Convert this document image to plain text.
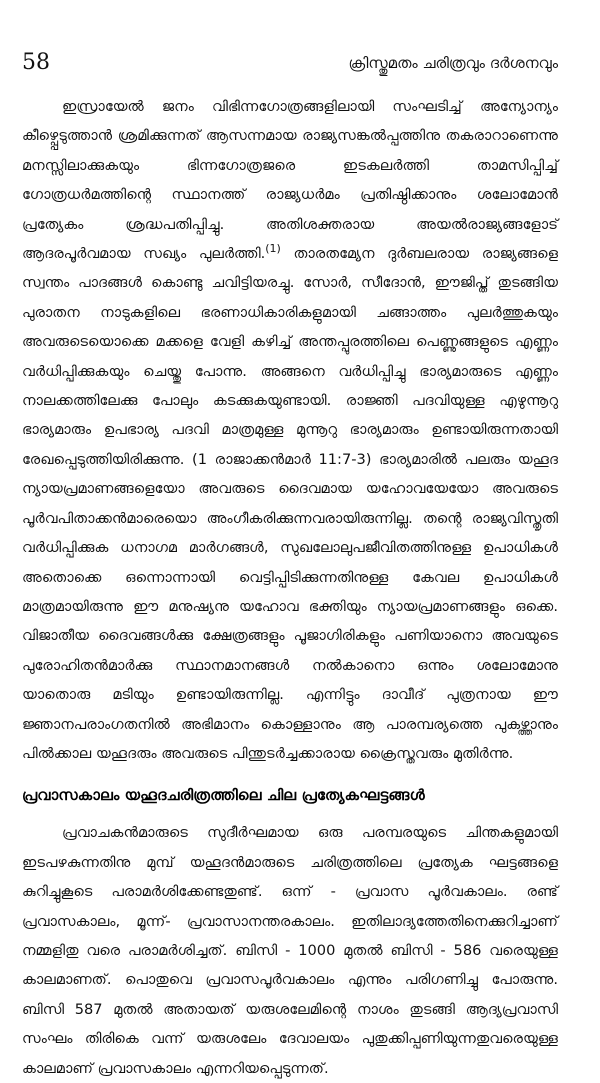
58	ക്രിസ്തുമതം ചരിത്രവും ദർശനവും

ഇസ്രായേൽ ജനം വിഭിന്നഗോത്രങ്ങളിലായി സംഘടിച്ച് അന്യോന്യം കീഴ്പ്പെടുത്താൻ ശ്രമിക്കുന്നത് ആസന്നമായ രാജ്യസങ്കൽപ്പത്തിനു തകരാറാണെന്നു മനസ്സിലാക്കുകയും ഭിന്നഗോത്രജരെ ഇടകലർത്തി താമസിപ്പിച്ച് ഗോത്രധർമത്തിന്റെ സ്ഥാനത്ത് രാജ്യധർമം പ്രതിഷ്ഠിക്കാനും ശലോമോൻ പ്രത്യേകം ശ്രദ്ധപതിപ്പിച്ചു. അതിശക്തരായ അയൽരാജ്യങ്ങളോട് ആദരപൂർവമായ സഖ്യം പുലർത്തി.$^{(1)}$ താരതമ്യേന ദുർബലരായ രാജ്യങ്ങളെ സ്വന്തം പാദങ്ങൾ കൊണ്ടു ചവിട്ടിയരച്ചു. സോർ, സീദോൻ, ഈജിപ്ത് തുടങ്ങിയ പുരാതന നാടുകളിലെ ഭരണാധികാരികളുമായി ചങ്ങാത്തം പുലർത്തുകയും അവരുടെയൊക്കെ മക്കളെ വേളി കഴിച്ച് അന്തപ്പുരത്തിലെ പെണ്ണുങ്ങളുടെ എണ്ണം വർധിപ്പിക്കുകയും ചെയ്തു പോന്നു. അങ്ങനെ വർധിപ്പിച്ചു ഭാര്യമാരുടെ എണ്ണം നാലക്കത്തിലേക്കു പോലും കടക്കുകയുണ്ടായി. രാജ്ഞി പദവിയുള്ള എഴുന്നൂറു ഭാര്യമാരും ഉപഭാര്യ പദവി മാത്രമുള്ള മുന്നൂറു ഭാര്യമാരും ഉണ്ടായിരുന്നതായി രേഖപ്പെടുത്തിയിരിക്കുന്നു. (1 രാജാക്കൻമാർ 11:7-3) ഭാര്യമാരിൽ പലരും യഹൂദ ന്യായപ്രമാണങ്ങളെയോ അവരുടെ ദൈവമായ യഹോവയേയോ അവരുടെ പൂർവപിതാക്കൻമാരെയൊ അംഗീകരിക്കുന്നവരായിരുന്നില്ല. തന്റെ രാജ്യവിസ്തൃതി വർധിപ്പിക്കുക ധനാഗമ മാർഗങ്ങൾ, സുഖലോലുപജീവിതത്തിനുള്ള ഉപാധികൾ അതൊക്കെ ഒന്നൊന്നായി വെട്ടിപ്പിടിക്കുന്നതിനുള്ള കേവല ഉപാധികൾ മാത്രമായിരുന്നു ഈ മനുഷ്യനു യഹോവ ഭക്തിയും ന്യായപ്രമാണങ്ങളും ഒക്കെ. വിജാതീയ ദൈവങ്ങൾക്കു ക്ഷേത്രങ്ങളും പൂജാഗിരികളും പണിയാനൊ അവയുടെ പുരോഹിതൻമാർക്കു സ്ഥാനമാനങ്ങൾ നൽകാനൊ ഒന്നും ശലോമോനു യാതൊരു മടിയും ഉണ്ടായിരുന്നില്ല. എന്നിട്ടും ദാവീദ് പുത്രനായ ഈ ജ്ഞാനപരാംഗതനിൽ അഭിമാനം കൊള്ളാനും ആ പാരമ്പര്യത്തെ പുകഴ്ത്താനും പിൽക്കാല യഹൂദരും അവരുടെ പിന്തുടർച്ചക്കാരായ ക്രൈസ്തവരും മുതിർന്നു.

പ്രവാസകാലം യഹൂദചരിത്രത്തിലെ ചില പ്രത്യേകഘട്ടങ്ങൾ

പ്രവാചകൻമാരുടെ സുദീർഘമായ ഒരു പരമ്പരയുടെ ചിന്തകളുമായി ഇടപഴകുന്നതിനു മുമ്പ് യഹൂദൻമാരുടെ ചരിത്രത്തിലെ പ്രത്യേക ഘട്ടങ്ങളെ കുറിച്ചുകൂടെ പരാമർശിക്കേണ്ടതുണ്ട്. ഒന്ന് - പ്രവാസ പൂർവകാലം. രണ്ട് പ്രവാസകാലം, മൂന്ന്- പ്രവാസാനന്തരകാലം. ഇതിലാദ്യത്തേതിനെക്കുറിച്ചാണ് നമ്മളിതു വരെ പരാമർശിച്ചത്. ബിസി - 1000 മുതൽ ബിസി - 586 വരെയുള്ള കാലമാണത്. പൊതുവെ പ്രവാസപൂർവകാലം എന്നും പരിഗണിച്ചു പോരുന്നു. ബിസി 587 മുതൽ അതായത് യരുശലേമിന്റെ നാശം തുടങ്ങി ആദ്യപ്രവാസി സംഘം തിരികെ വന്ന് യരുശലേം ദേവാലയം പുതുക്കിപ്പണിയുന്നതുവരെയുള്ള കാലമാണ് പ്രവാസകാലം എന്നറിയപ്പെടുന്നത്.
